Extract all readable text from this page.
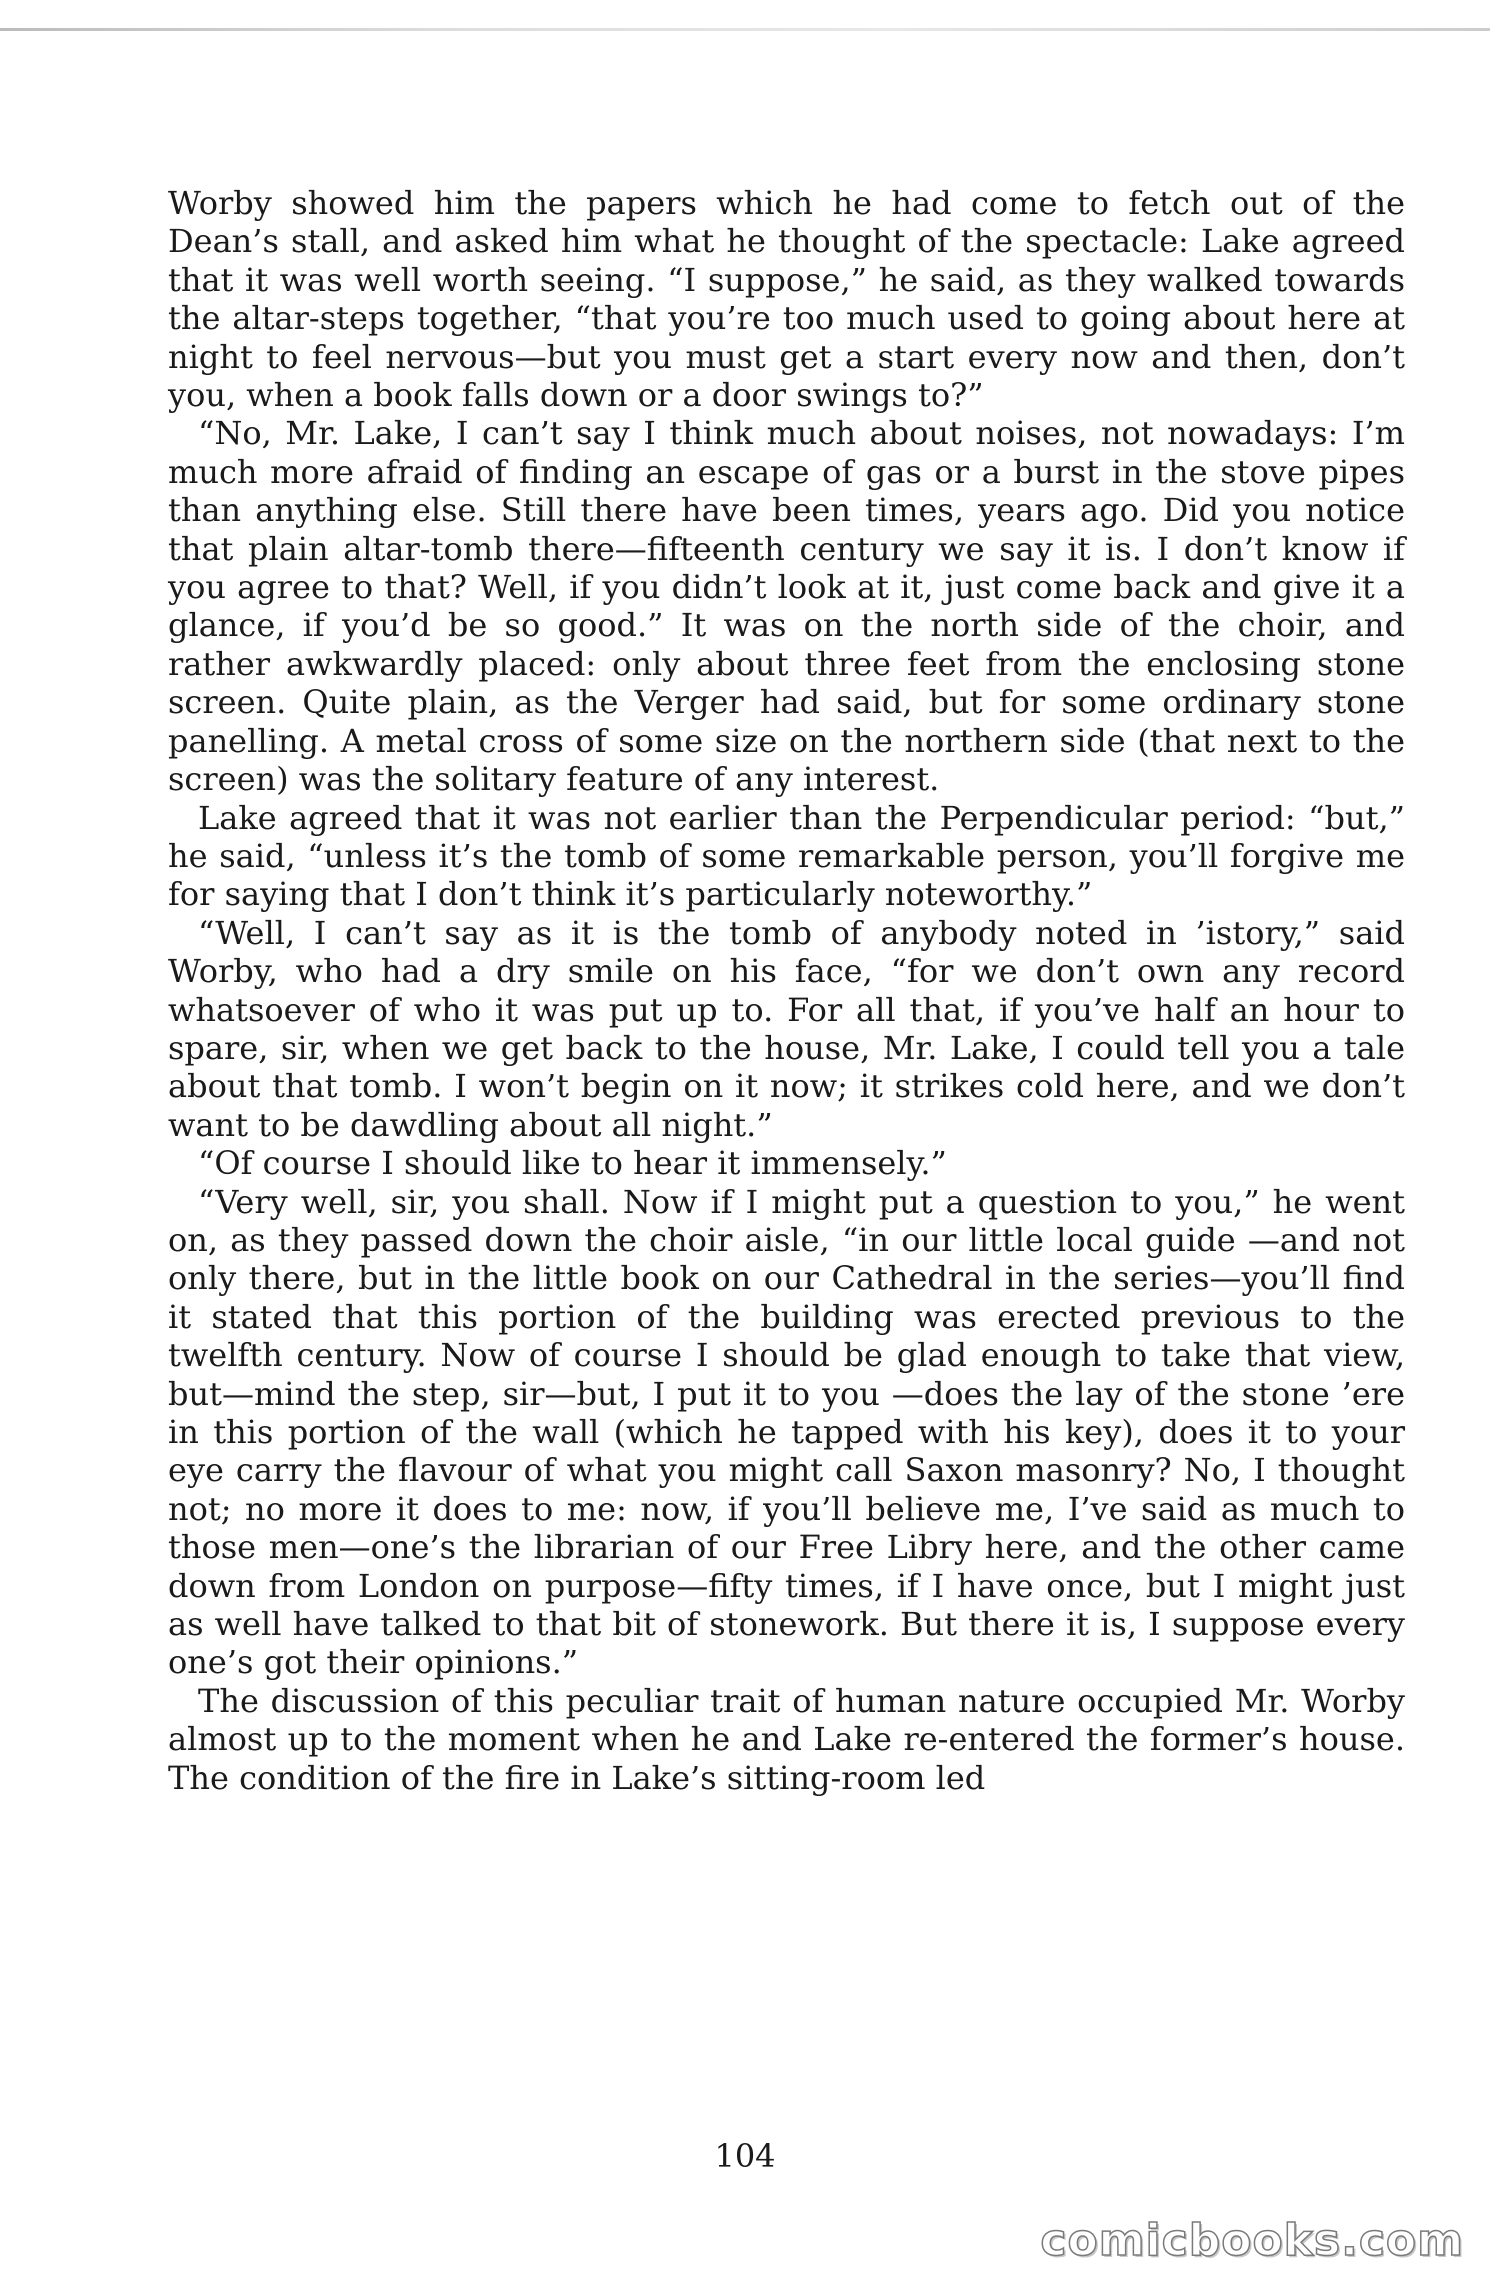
Worby showed him the papers which he had come to fetch out of the Dean’s stall, and asked him what he thought of the spectacle: Lake agreed that it was well worth seeing. “I suppose,” he said, as they walked towards the altar-steps together, “that you’re too much used to going about here at night to feel nervous—but you must get a start every now and then, don’t you, when a book falls down or a door swings to?”

“No, Mr. Lake, I can’t say I think much about noises, not nowadays: I’m much more afraid of finding an escape of gas or a burst in the stove pipes than anything else. Still there have been times, years ago. Did you notice that plain altar-tomb there—fifteenth century we say it is. I don’t know if you agree to that? Well, if you didn’t look at it, just come back and give it a glance, if you’d be so good.” It was on the north side of the choir, and rather awkwardly placed: only about three feet from the enclosing stone screen. Quite plain, as the Verger had said, but for some ordinary stone panelling. A metal cross of some size on the northern side (that next to the screen) was the solitary feature of any interest.

Lake agreed that it was not earlier than the Perpendicular period: “but,” he said, “unless it’s the tomb of some remarkable person, you’ll forgive me for saying that I don’t think it’s particularly noteworthy.”

“Well, I can’t say as it is the tomb of anybody noted in ’istory,” said Worby, who had a dry smile on his face, “for we don’t own any record whatsoever of who it was put up to. For all that, if you’ve half an hour to spare, sir, when we get back to the house, Mr. Lake, I could tell you a tale about that tomb. I won’t begin on it now; it strikes cold here, and we don’t want to be dawdling about all night.”

“Of course I should like to hear it immensely.”

“Very well, sir, you shall. Now if I might put a question to you,” he went on, as they passed down the choir aisle, “in our little local guide —and not only there, but in the little book on our Cathedral in the series—you’ll find it stated that this portion of the building was erected previous to the twelfth century. Now of course I should be glad enough to take that view, but—mind the step, sir—but, I put it to you —does the lay of the stone ’ere in this portion of the wall (which he tapped with his key), does it to your eye carry the flavour of what you might call Saxon masonry? No, I thought not; no more it does to me: now, if you’ll believe me, I’ve said as much to those men—one’s the librarian of our Free Libry here, and the other came down from London on purpose—fifty times, if I have once, but I might just as well have talked to that bit of stonework. But there it is, I suppose every one’s got their opinions.”

The discussion of this peculiar trait of human nature occupied Mr. Worby almost up to the moment when he and Lake re-entered the former’s house. The condition of the fire in Lake’s sitting-room led

104
comicbooks.com
